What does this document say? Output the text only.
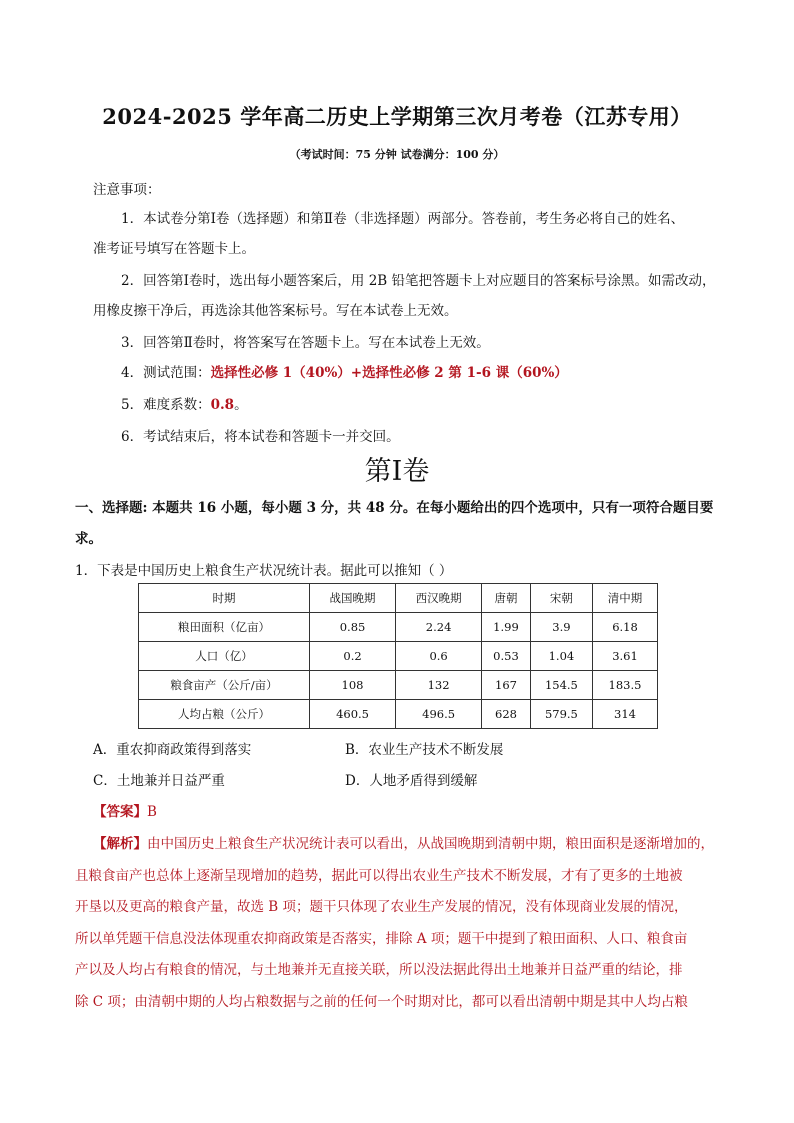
2024-2025 学年高二历史上学期第三次月考卷（江苏专用）
（考试时间：75 分钟 试卷满分：100 分）
注意事项：
1．本试卷分第Ⅰ卷（选择题）和第Ⅱ卷（非选择题）两部分。答卷前，考生务必将自己的姓名、
准考证号填写在答题卡上。
2．回答第Ⅰ卷时，选出每小题答案后，用 2B 铅笔把答题卡上对应题目的答案标号涂黑。如需改动，
用橡皮擦干净后，再选涂其他答案标号。写在本试卷上无效。
3．回答第Ⅱ卷时，将答案写在答题卡上。写在本试卷上无效。
4．测试范围：选择性必修 1（40%）+选择性必修 2 第 1-6 课（60%）
5．难度系数：0.8。
6．考试结束后，将本试卷和答题卡一并交回。
第Ⅰ卷
一、选择题: 本题共 16 小题，每小题 3 分，共 48 分。在每小题给出的四个选项中，只有一项符合题目要
求。
1．下表是中国历史上粮食生产状况统计表。据此可以推知（ ）
时期	战国晚期	西汉晚期	唐朝	宋朝	清中期
粮田面积（亿亩）	0.85	2.24	1.99	3.9	6.18
人口（亿）	0.2	0.6	0.53	1.04	3.61
粮食亩产（公斤/亩）	108	132	167	154.5	183.5
人均占粮（公斤）	460.5	496.5	628	579.5	314
A．重农抑商政策得到落实	B．农业生产技术不断发展
C．土地兼并日益严重	D．人地矛盾得到缓解
【答案】B
【解析】由中国历史上粮食生产状况统计表可以看出，从战国晚期到清朝中期，粮田面积是逐渐增加的，
且粮食亩产也总体上逐渐呈现增加的趋势，据此可以得出农业生产技术不断发展，才有了更多的土地被
开垦以及更高的粮食产量，故选 B 项；题干只体现了农业生产发展的情况，没有体现商业发展的情况，
所以单凭题干信息没法体现重农抑商政策是否落实，排除 A 项；题干中提到了粮田面积、人口、粮食亩
产以及人均占有粮食的情况，与土地兼并无直接关联，所以没法据此得出土地兼并日益严重的结论，排
除 C 项；由清朝中期的人均占粮数据与之前的任何一个时期对比，都可以看出清朝中期是其中人均占粮
